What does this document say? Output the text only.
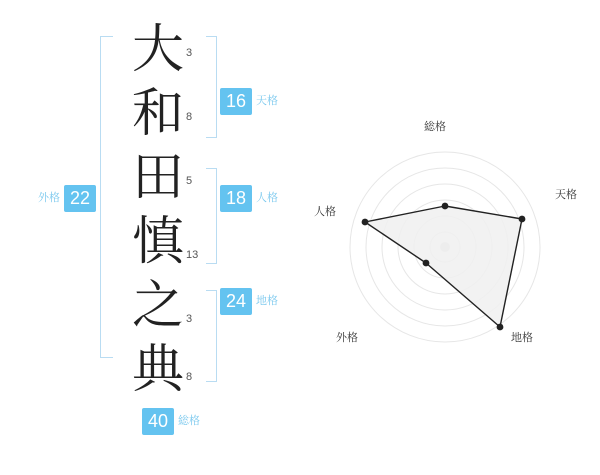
大
和
田
慎
之
典
3
8
5
13
3
8
16 天格
18 人格
24 地格
22
外格
40 総格
総格
天格
地格
外格
人格
